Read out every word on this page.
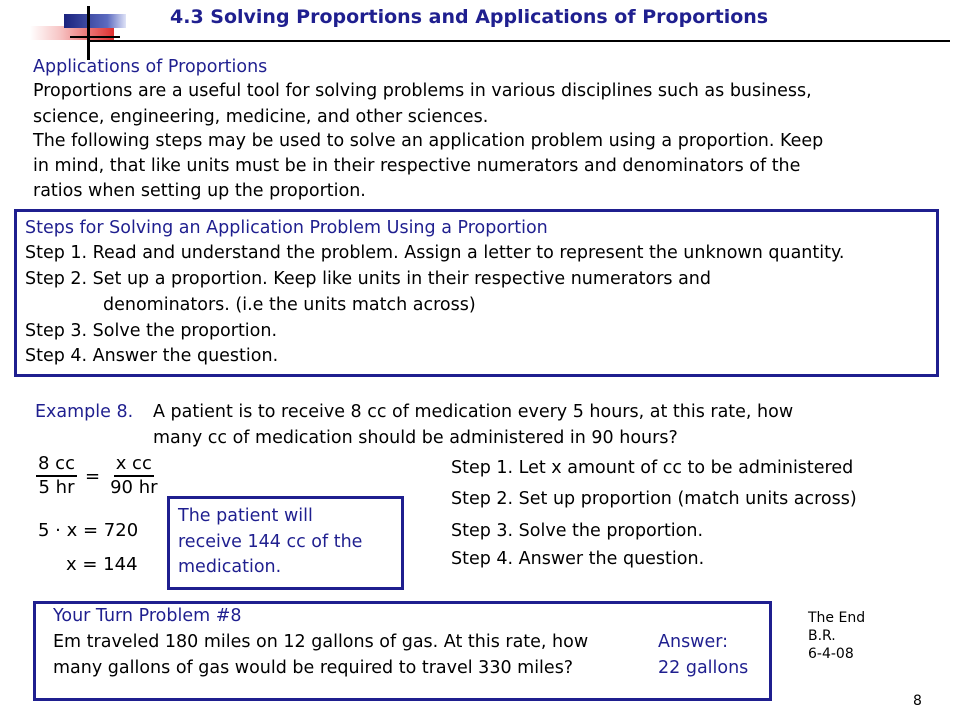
4.3 Solving Proportions and Applications of Proportions
Applications of Proportions
Proportions are a useful tool for solving problems in various disciplines such as business,
science, engineering, medicine, and other sciences.
The following steps may be used to solve an application problem using a proportion. Keep
in mind, that like units must be in their respective numerators and denominators of the
ratios when setting up the proportion.
Steps for Solving an Application Problem Using a Proportion
Step 1. Read and understand the problem. Assign a letter to represent the unknown quantity.
Step 2. Set up a proportion. Keep like units in their respective numerators and
denominators. (i.e the units match across)
Step 3. Solve the proportion.
Step 4. Answer the question.
Example 8. A patient is to receive 8 cc of medication every 5 hours, at this rate, how
many cc of medication should be administered in 90 hours?
$\frac{8 cc}{5 hr} = \frac{\text{x cc}}{90 hr}$
5 · x = 720
x = 144
The patient will
receive 144 cc of the
medication.
Step 1. Let x amount of cc to be administered
Step 2. Set up proportion (match units across)
Step 3. Solve the proportion.
Step 4. Answer the question.
Your Turn Problem #8
Em traveled 180 miles on 12 gallons of gas. At this rate, how
many gallons of gas would be required to travel 330 miles?
Answer:
22 gallons
The End
B.R.
6-4-08
8
